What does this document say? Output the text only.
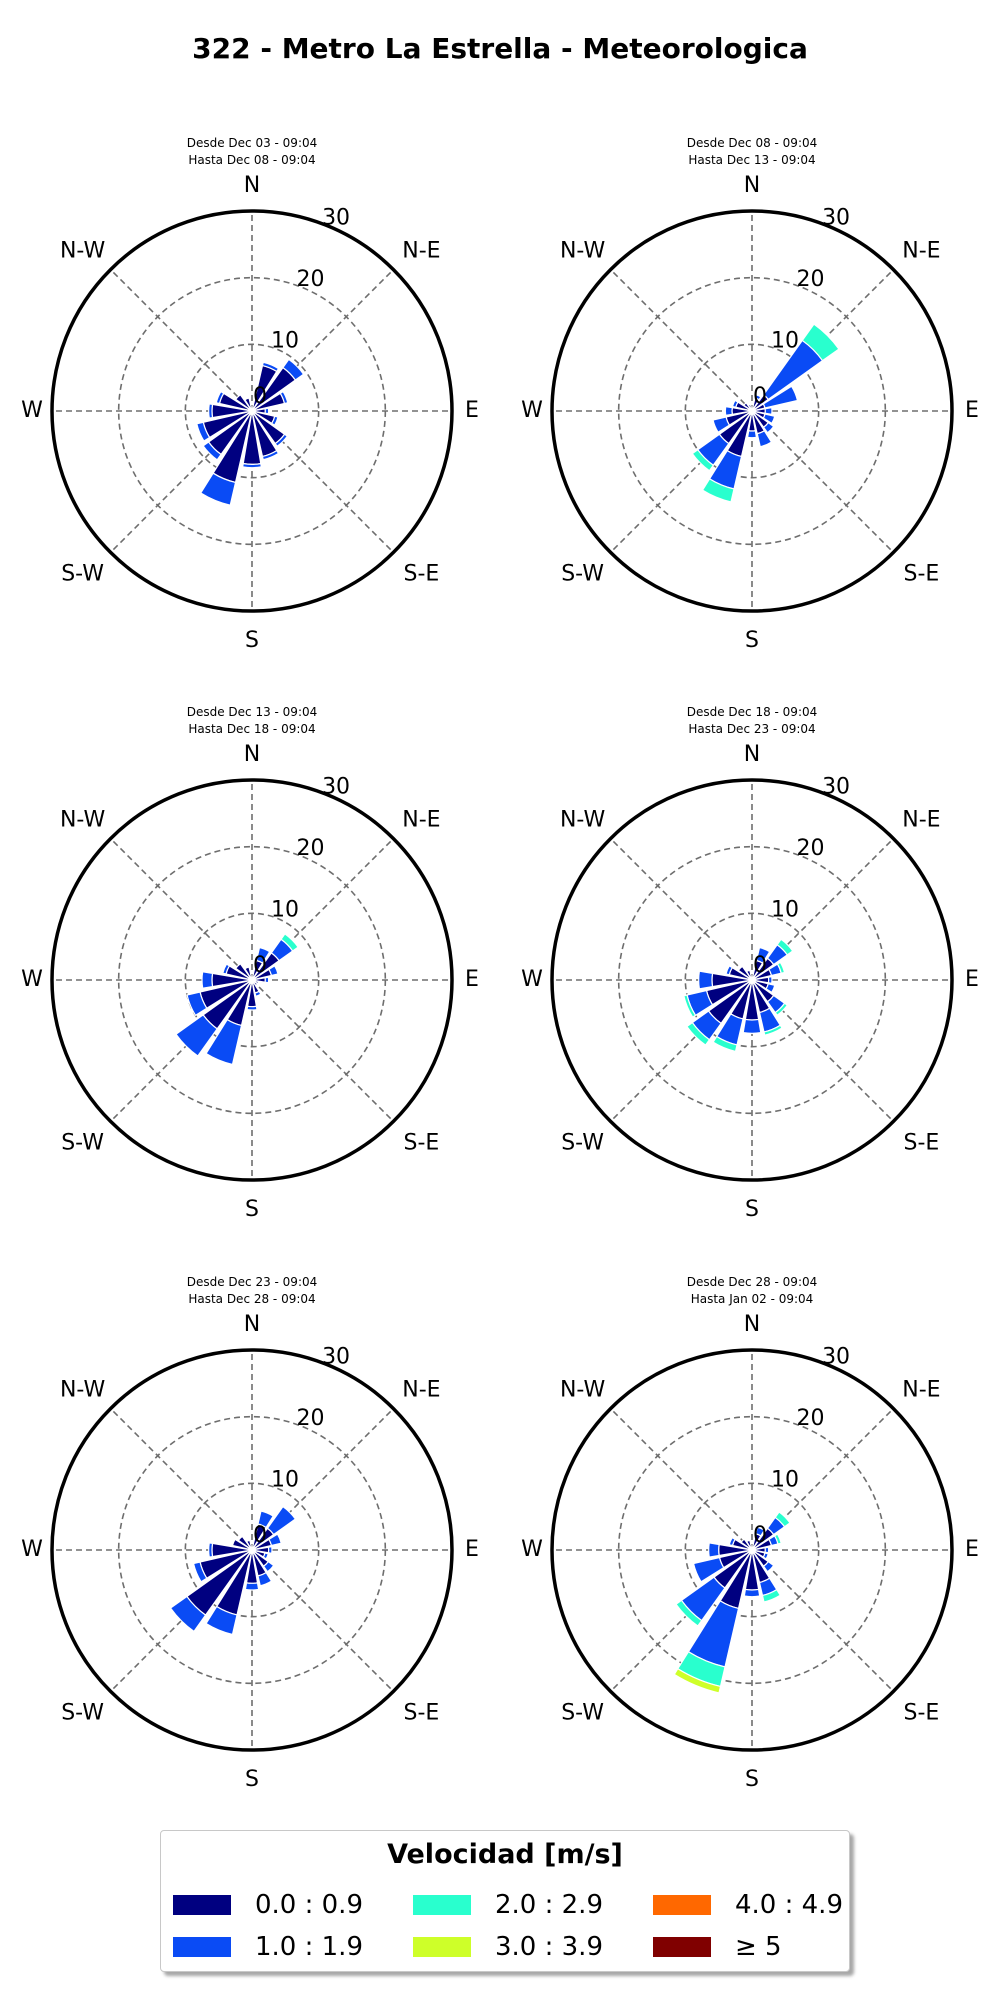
322 - Metro La Estrella - Meteorologica
Desde Dec 03 - 09:04
Hasta Dec 08 - 09:04
0
10
20
30
N
N-E
E
S-E
S
S-W
W
N-W
Desde Dec 08 - 09:04
Hasta Dec 13 - 09:04
0
10
20
30
N
N-E
E
S-E
S
S-W
W
N-W
Desde Dec 13 - 09:04
Hasta Dec 18 - 09:04
0
10
20
30
N
N-E
E
S-E
S
S-W
W
N-W
Desde Dec 18 - 09:04
Hasta Dec 23 - 09:04
0
10
20
30
N
N-E
E
S-E
S
S-W
W
N-W
Desde Dec 23 - 09:04
Hasta Dec 28 - 09:04
0
10
20
30
N
N-E
E
S-E
S
S-W
W
N-W
Desde Dec 28 - 09:04
Hasta Jan 02 - 09:04
0
10
20
30
N
N-E
E
S-E
S
S-W
W
N-W
Velocidad [m/s]
0.0 : 0.9
1.0 : 1.9
2.0 : 2.9
3.0 : 3.9
4.0 : 4.9
≥ 5
